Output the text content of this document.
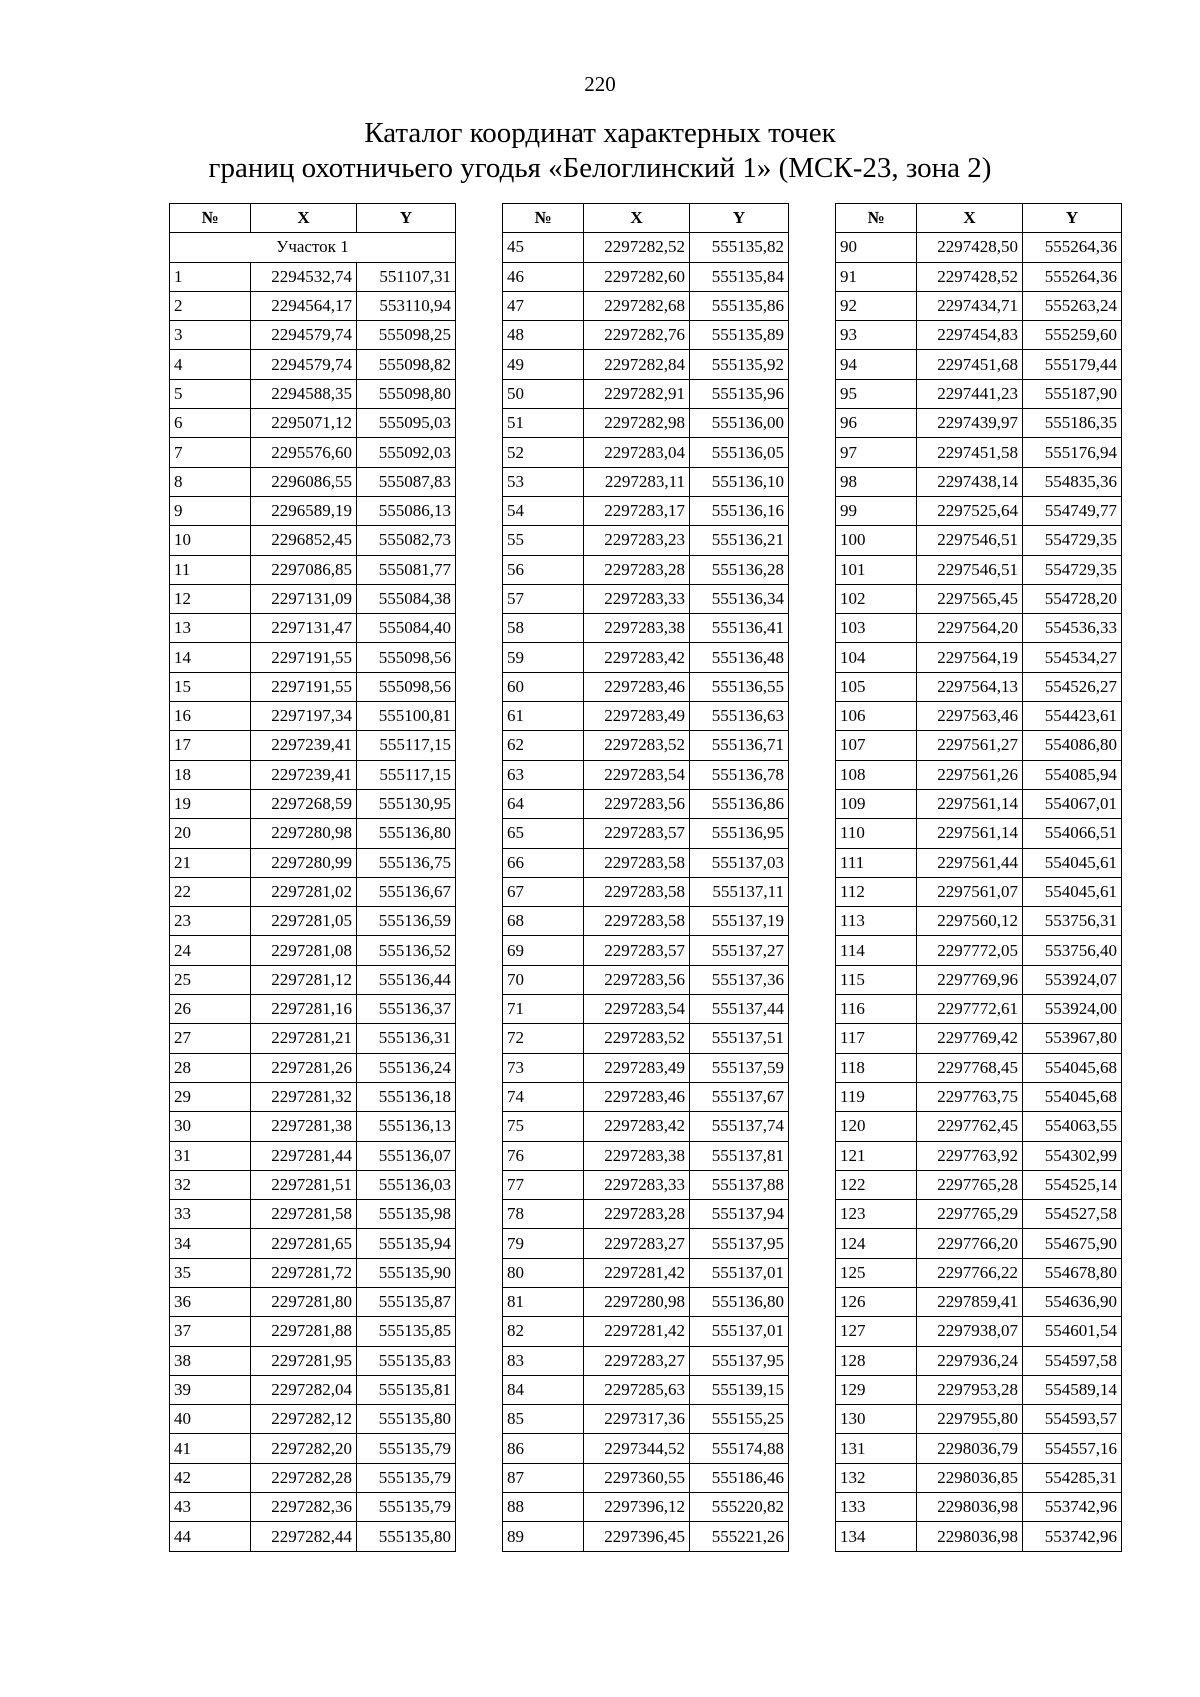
220
Каталог координат характерных точек
границ охотничьего угодья «Белоглинский 1» (МСК-23, зона 2)
№	X	Y
Участок 1		
1	2294532,74	551107,31
2	2294564,17	553110,94
3	2294579,74	555098,25
4	2294579,74	555098,82
5	2294588,35	555098,80
6	2295071,12	555095,03
7	2295576,60	555092,03
8	2296086,55	555087,83
9	2296589,19	555086,13
10	2296852,45	555082,73
11	2297086,85	555081,77
12	2297131,09	555084,38
13	2297131,47	555084,40
14	2297191,55	555098,56
15	2297191,55	555098,56
16	2297197,34	555100,81
17	2297239,41	555117,15
18	2297239,41	555117,15
19	2297268,59	555130,95
20	2297280,98	555136,80
21	2297280,99	555136,75
22	2297281,02	555136,67
23	2297281,05	555136,59
24	2297281,08	555136,52
25	2297281,12	555136,44
26	2297281,16	555136,37
27	2297281,21	555136,31
28	2297281,26	555136,24
29	2297281,32	555136,18
30	2297281,38	555136,13
31	2297281,44	555136,07
32	2297281,51	555136,03
33	2297281,58	555135,98
34	2297281,65	555135,94
35	2297281,72	555135,90
36	2297281,80	555135,87
37	2297281,88	555135,85
38	2297281,95	555135,83
39	2297282,04	555135,81
40	2297282,12	555135,80
41	2297282,20	555135,79
42	2297282,28	555135,79
43	2297282,36	555135,79
44	2297282,44	555135,80
№	X	Y
45	2297282,52	555135,82
46	2297282,60	555135,84
47	2297282,68	555135,86
48	2297282,76	555135,89
49	2297282,84	555135,92
50	2297282,91	555135,96
51	2297282,98	555136,00
52	2297283,04	555136,05
53	2297283,11	555136,10
54	2297283,17	555136,16
55	2297283,23	555136,21
56	2297283,28	555136,28
57	2297283,33	555136,34
58	2297283,38	555136,41
59	2297283,42	555136,48
60	2297283,46	555136,55
61	2297283,49	555136,63
62	2297283,52	555136,71
63	2297283,54	555136,78
64	2297283,56	555136,86
65	2297283,57	555136,95
66	2297283,58	555137,03
67	2297283,58	555137,11
68	2297283,58	555137,19
69	2297283,57	555137,27
70	2297283,56	555137,36
71	2297283,54	555137,44
72	2297283,52	555137,51
73	2297283,49	555137,59
74	2297283,46	555137,67
75	2297283,42	555137,74
76	2297283,38	555137,81
77	2297283,33	555137,88
78	2297283,28	555137,94
79	2297283,27	555137,95
80	2297281,42	555137,01
81	2297280,98	555136,80
82	2297281,42	555137,01
83	2297283,27	555137,95
84	2297285,63	555139,15
85	2297317,36	555155,25
86	2297344,52	555174,88
87	2297360,55	555186,46
88	2297396,12	555220,82
89	2297396,45	555221,26
№	X	Y
90	2297428,50	555264,36
91	2297428,52	555264,36
92	2297434,71	555263,24
93	2297454,83	555259,60
94	2297451,68	555179,44
95	2297441,23	555187,90
96	2297439,97	555186,35
97	2297451,58	555176,94
98	2297438,14	554835,36
99	2297525,64	554749,77
100	2297546,51	554729,35
101	2297546,51	554729,35
102	2297565,45	554728,20
103	2297564,20	554536,33
104	2297564,19	554534,27
105	2297564,13	554526,27
106	2297563,46	554423,61
107	2297561,27	554086,80
108	2297561,26	554085,94
109	2297561,14	554067,01
110	2297561,14	554066,51
111	2297561,44	554045,61
112	2297561,07	554045,61
113	2297560,12	553756,31
114	2297772,05	553756,40
115	2297769,96	553924,07
116	2297772,61	553924,00
117	2297769,42	553967,80
118	2297768,45	554045,68
119	2297763,75	554045,68
120	2297762,45	554063,55
121	2297763,92	554302,99
122	2297765,28	554525,14
123	2297765,29	554527,58
124	2297766,20	554675,90
125	2297766,22	554678,80
126	2297859,41	554636,90
127	2297938,07	554601,54
128	2297936,24	554597,58
129	2297953,28	554589,14
130	2297955,80	554593,57
131	2298036,79	554557,16
132	2298036,85	554285,31
133	2298036,98	553742,96
134	2298036,98	553742,96
